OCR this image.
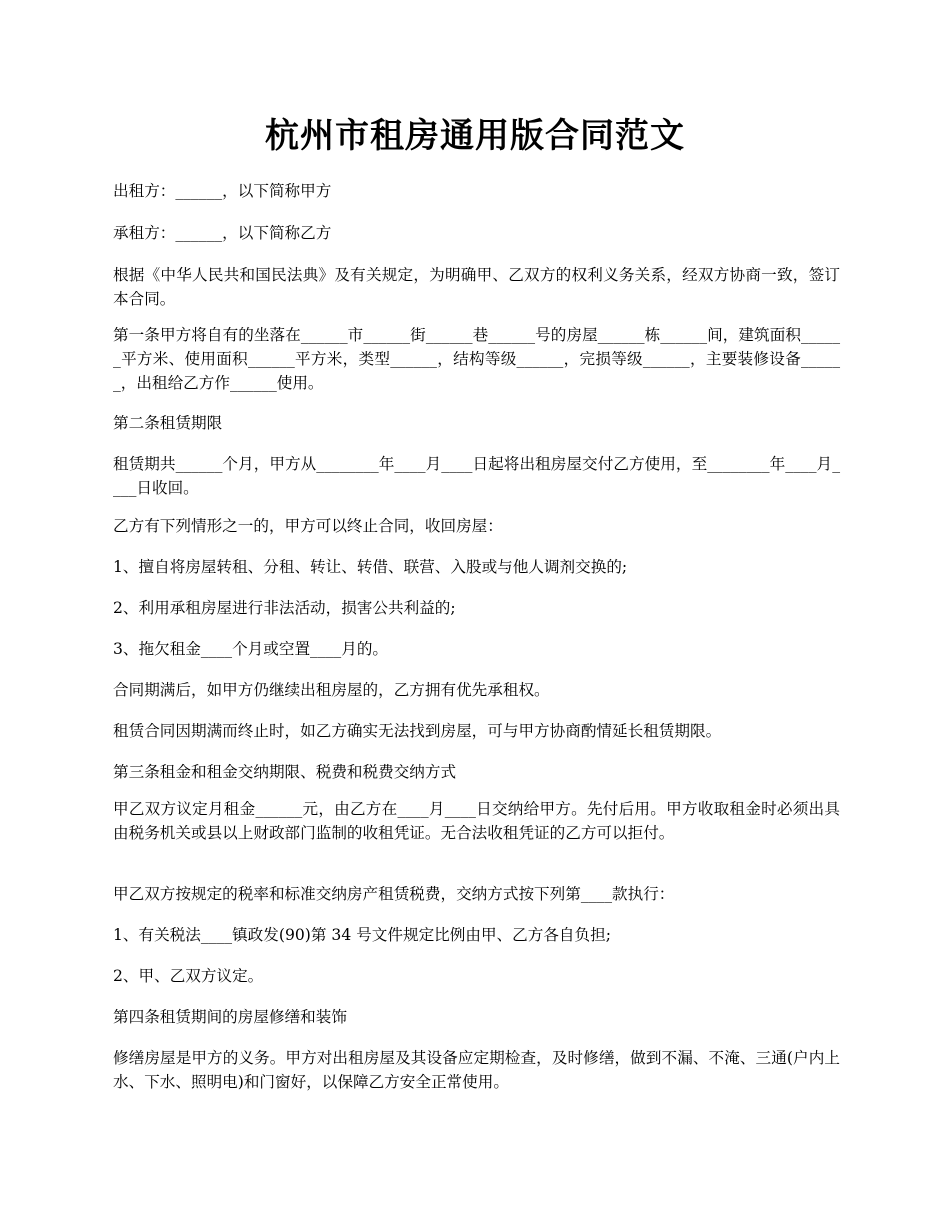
杭州市租房通用版合同范文

出租方：______，以下简称甲方

承租方：______，以下简称乙方

根据《中华人民共和国民法典》及有关规定，为明确甲、乙双方的权利义务关系，经双方协商一致，签订本合同。

第一条甲方将自有的坐落在______市______街______巷______号的房屋______栋______间，建筑面积______平方米、使用面积______平方米，类型______，结构等级______，完损等级______，主要装修设备______，出租给乙方作______使用。

第二条租赁期限

租赁期共______个月，甲方从________年____月____日起将出租房屋交付乙方使用，至________年____月____日收回。

乙方有下列情形之一的，甲方可以终止合同，收回房屋：

1、擅自将房屋转租、分租、转让、转借、联营、入股或与他人调剂交换的;

2、利用承租房屋进行非法活动，损害公共利益的;

3、拖欠租金____个月或空置____月的。

合同期满后，如甲方仍继续出租房屋的，乙方拥有优先承租权。

租赁合同因期满而终止时，如乙方确实无法找到房屋，可与甲方协商酌情延长租赁期限。

第三条租金和租金交纳期限、税费和税费交纳方式

甲乙双方议定月租金______元，由乙方在____月____日交纳给甲方。先付后用。甲方收取租金时必须出具由税务机关或县以上财政部门监制的收租凭证。无合法收租凭证的乙方可以拒付。

甲乙双方按规定的税率和标准交纳房产租赁税费，交纳方式按下列第____款执行：

1、有关税法____镇政发(90)第 34 号文件规定比例由甲、乙方各自负担;

2、甲、乙双方议定。

第四条租赁期间的房屋修缮和装饰

修缮房屋是甲方的义务。甲方对出租房屋及其设备应定期检查，及时修缮，做到不漏、不淹、三通(户内上水、下水、照明电)和门窗好，以保障乙方安全正常使用。
